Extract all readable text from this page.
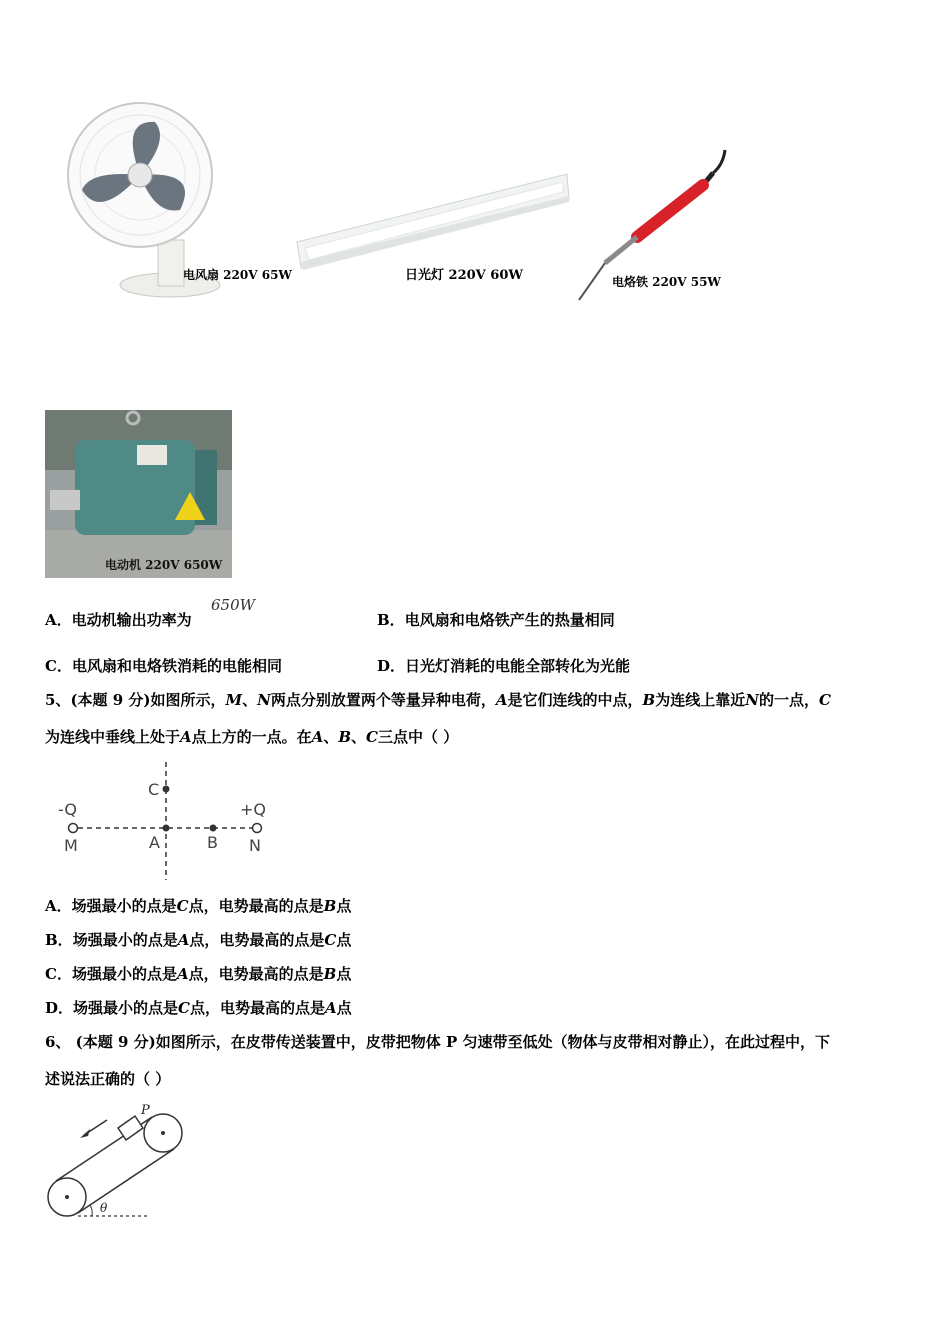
电风扇 220V 65W	日光灯 220V 60W	电烙铁 220V 55W
电动机 220V 650W
650W
A．电动机输出功率为	B．电风扇和电烙铁产生的热量相同
C．电风扇和电烙铁消耗的电能相同	D．日光灯消耗的电能全部转化为光能
5、(本题 9 分)如图所示，M、N两点分别放置两个等量异种电荷，A是它们连线的中点，B为连线上靠近N的一点，C
为连线中垂线上处于A点上方的一点。在A、B、C三点中（ ）
-Q	+Q
M	A	B N
C
A．场强最小的点是C点，电势最高的点是B点
B．场强最小的点是A点，电势最高的点是C点
C．场强最小的点是A点，电势最高的点是B点
D．场强最小的点是C点，电势最高的点是A点
6、 (本题 9 分)如图所示，在皮带传送装置中，皮带把物体 P 匀速带至低处（物体与皮带相对静止），在此过程中，下
述说法正确的（ ）
P
θ
